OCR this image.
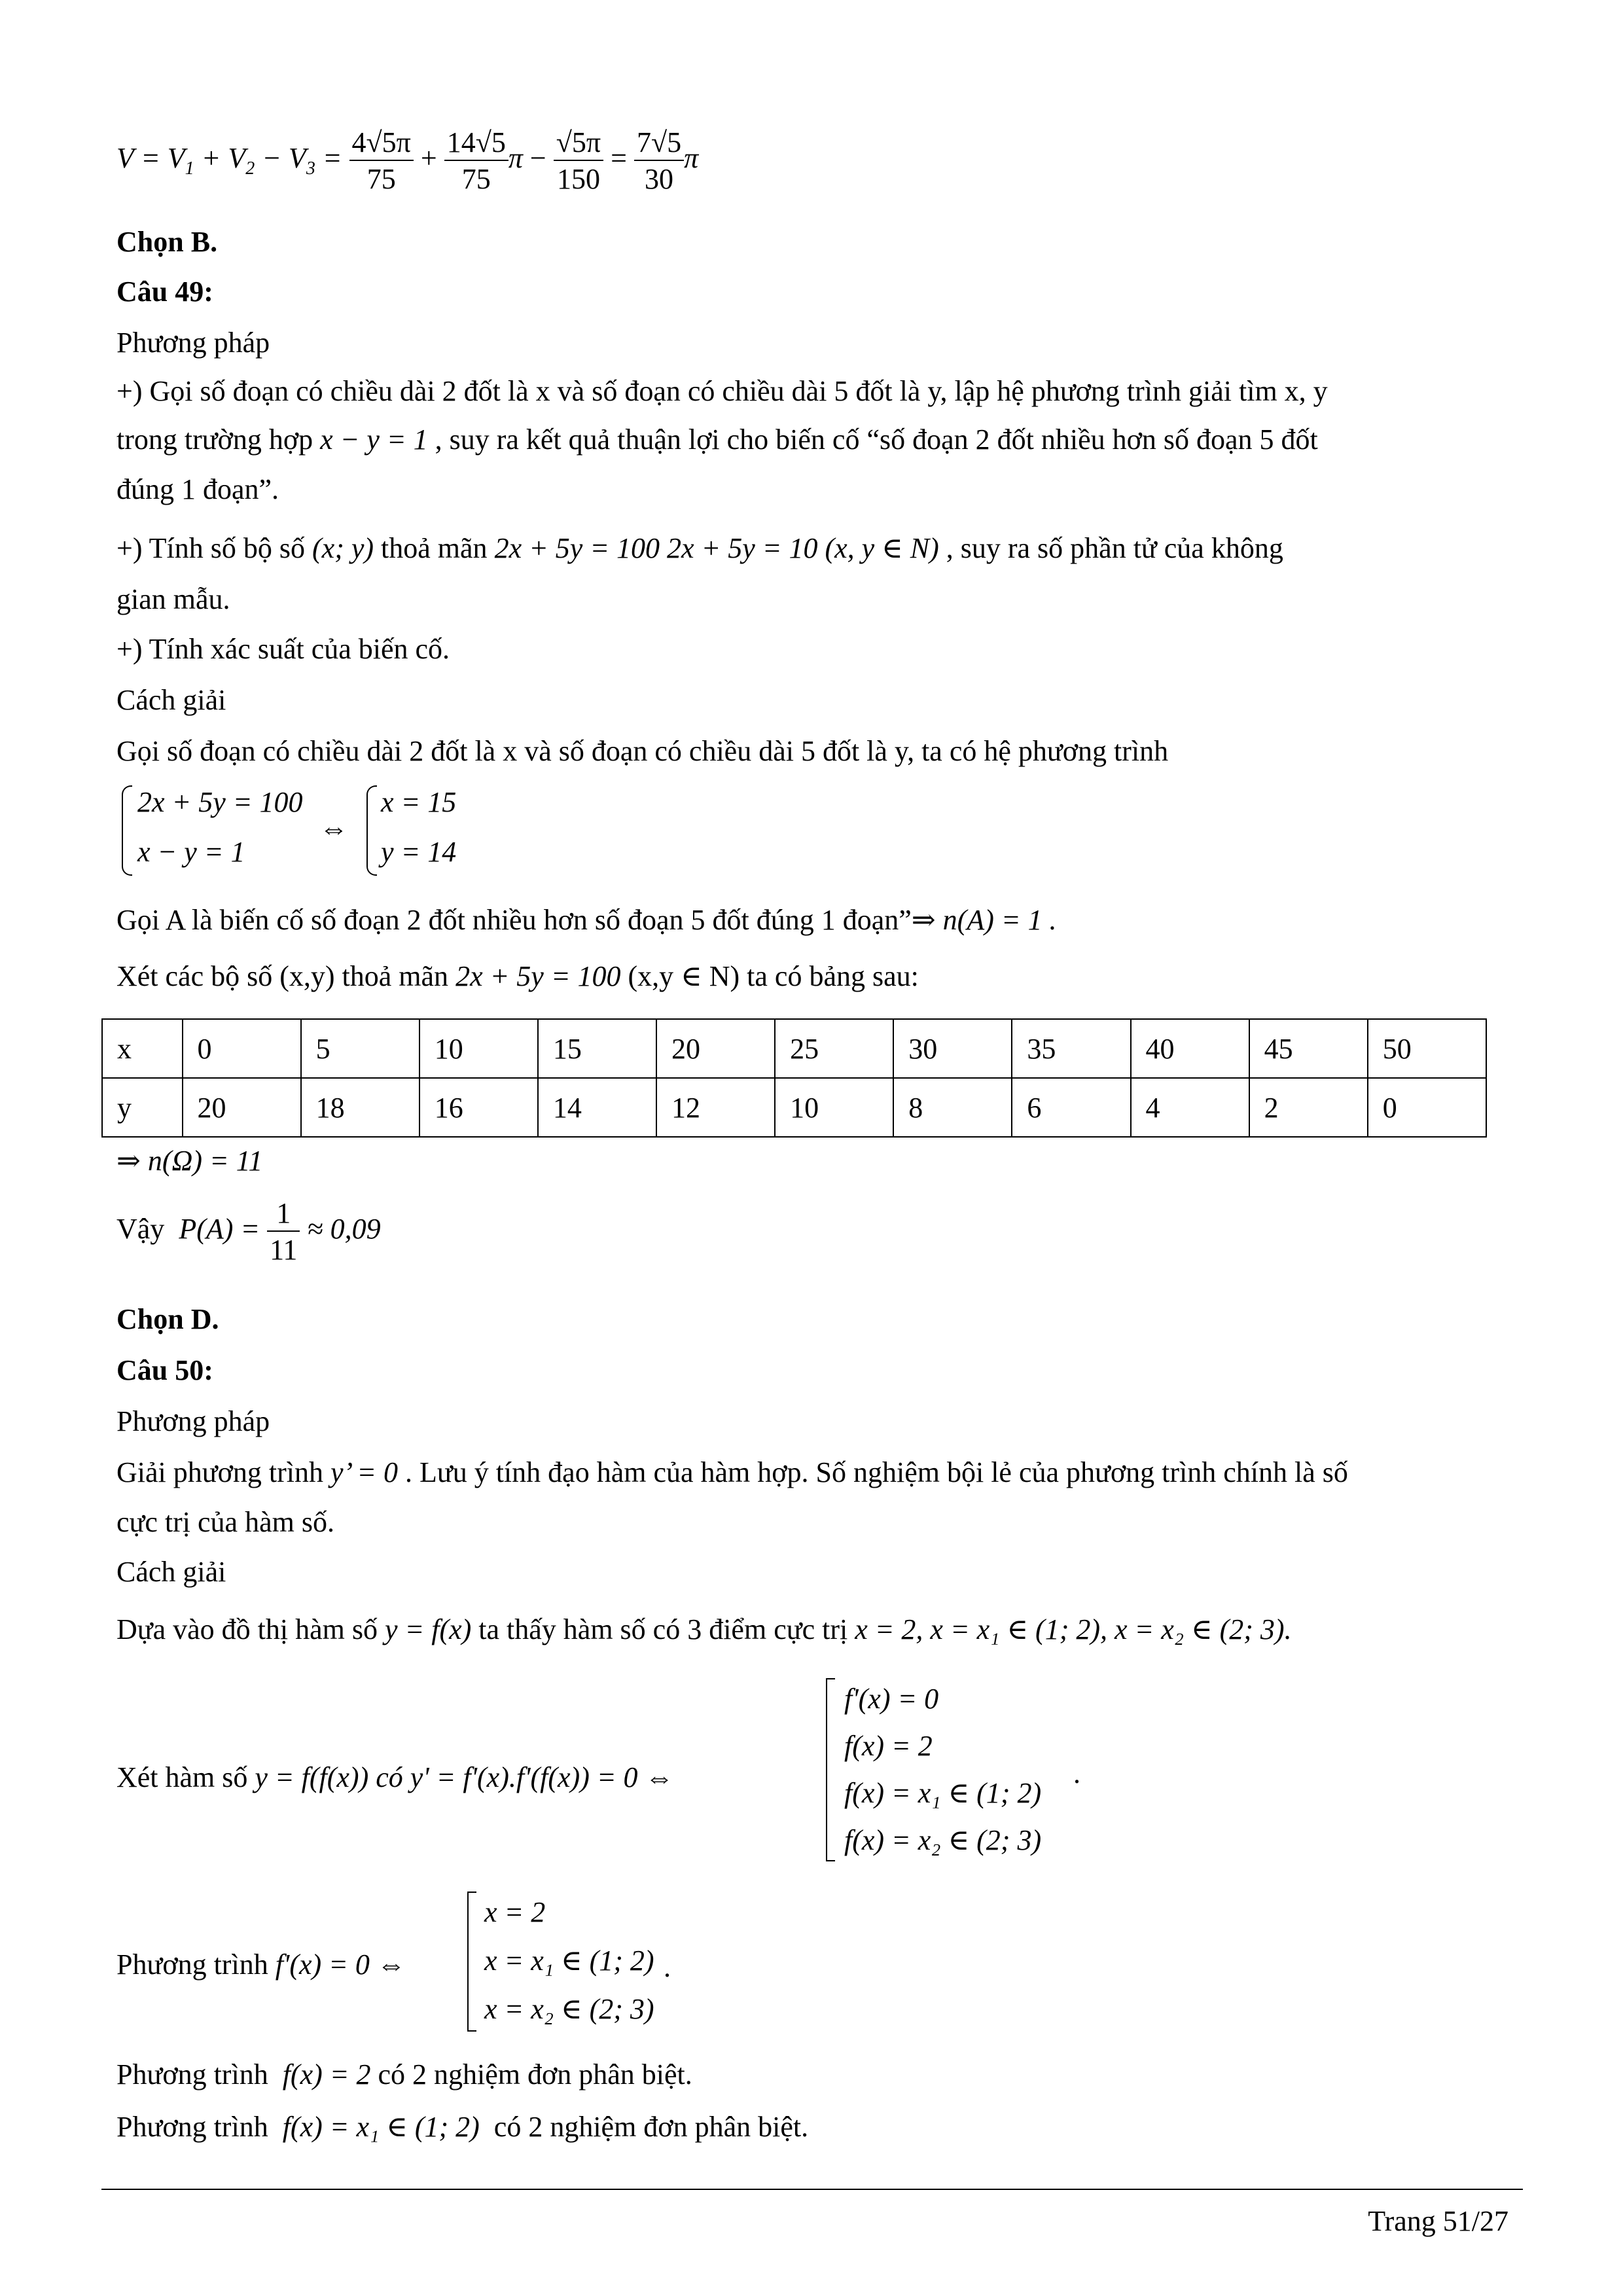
$V = V_1 + V_2 - V_3 = \frac{4√5\pi}{75} + \frac{14√5}{75}$ $\pi - \frac{√5\pi}{150} = \frac{7√5}{30}$ π
Chọn B.
Câu 49:
Phương pháp
+) Gọi số đoạn có chiều dài 2 đốt là x và số đoạn có chiều dài 5 đốt là y, lập hệ phương trình giải tìm x, y
trong trường hợp x − y = 1 , suy ra kết quả thuận lợi cho biến cố “số đoạn 2 đốt nhiều hơn số đoạn 5 đốt
đúng 1 đoạn”.
+) Tính số bộ số (x; y) thoả mãn 2x + 5y = 100 2x + 5y = 10 (x, y ∈ N) , suy ra số phần tử của không
gian mẫu.
+) Tính xác suất của biến cố.
Cách giải
Gọi số đoạn có chiều dài 2 đốt là x và số đoạn có chiều dài 5 đốt là y, ta có hệ phương trình
2x + 5y = 100
x − y = 1
⇔
x = 15
y = 14
Gọi A là biến cố số đoạn 2 đốt nhiều hơn số đoạn 5 đốt đúng 1 đoạn”⇒ n(A) = 1 .
Xét các bộ số (x,y) thoả mãn 2x + 5y = 100 (x,y ∈ N) ta có bảng sau:
x	0	5	10	15	20	25	30	35	40	45	50
y	20	18	16	14	12	10	8	6	4	2	0
⇒ n(Ω) = 11
Vậy $P(A) = \frac{1}{11} \approx 0,09$
Chọn D.
Câu 50:
Phương pháp
Giải phương trình y’ = 0 . Lưu ý tính đạo hàm của hàm hợp. Số nghiệm bội lẻ của phương trình chính là số
cực trị của hàm số.
Cách giải
Dựa vào đồ thị hàm số y = f(x) ta thấy hàm số có 3 điểm cực trị x = 2, x = x₁ ∈ (1; 2), x = x₂ ∈ (2; 3).
Xét hàm số y = f(f(x)) có y' = f'(x).f'(f(x)) = 0 ⇔
f'(x) = 0
f(x) = 2
f(x) = x₁ ∈ (1; 2)
f(x) = x₂ ∈ (2; 3)
.
Phương trình f'(x) = 0 ⇔
x = 2
x = x₁ ∈ (1; 2)
x = x₂ ∈ (2; 3)
.
Phương trình f(x) = 2 có 2 nghiệm đơn phân biệt.
Phương trình f(x) = x₁ ∈ (1; 2) có 2 nghiệm đơn phân biệt.
Trang 51/27
